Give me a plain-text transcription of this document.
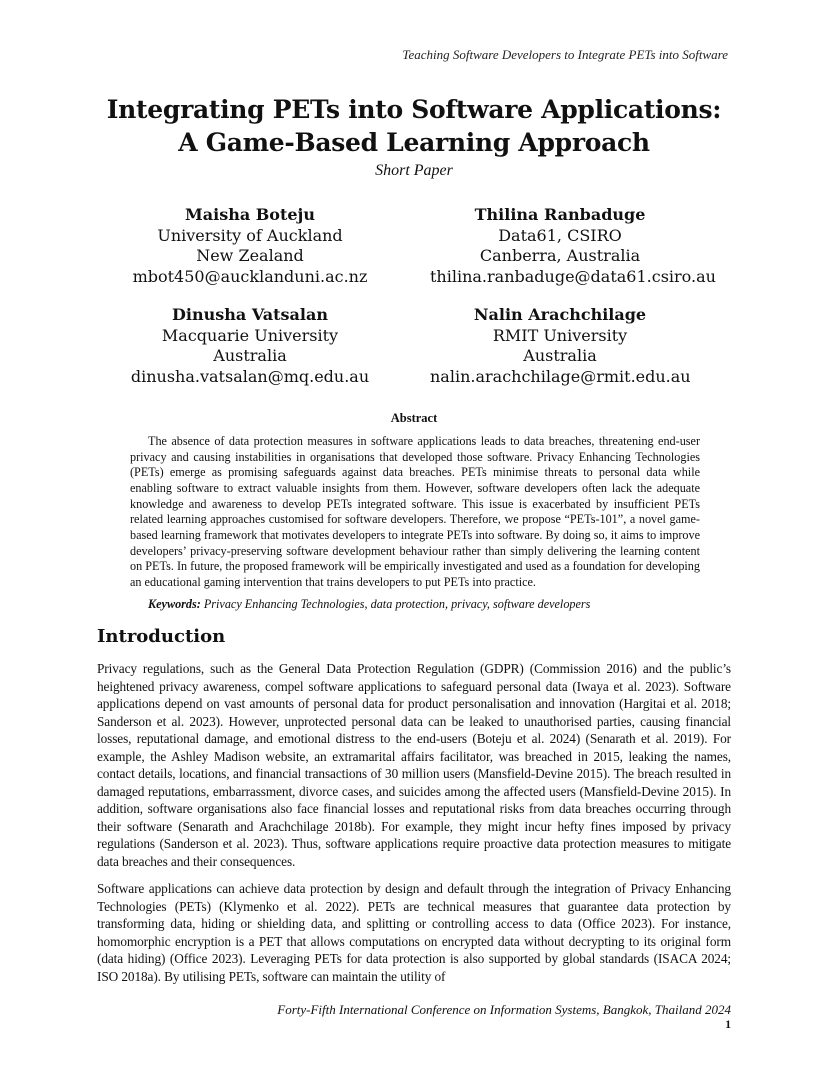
Teaching Software Developers to Integrate PETs into Software
Integrating PETs into Software Applications:
A Game-Based Learning Approach
Short Paper
Maisha Boteju
University of Auckland
New Zealand
mbot450@aucklanduni.ac.nz
Thilina Ranbaduge
Data61, CSIRO
Canberra, Australia
thilina.ranbaduge@data61.csiro.au
Dinusha Vatsalan
Macquarie University
Australia
dinusha.vatsalan@mq.edu.au
Nalin Arachchilage
RMIT University
Australia
nalin.arachchilage@rmit.edu.au
Abstract

The absence of data protection measures in software applications leads to data breaches, threatening end-user privacy and causing instabilities in organisations that developed those software. Privacy Enhancing Technologies (PETs) emerge as promising safeguards against data breaches. PETs minimise threats to personal data while enabling software to extract valuable insights from them. However, software developers often lack the adequate knowledge and awareness to develop PETs integrated software. This issue is exacerbated by insufficient PETs related learning approaches customised for software developers. Therefore, we propose “PETs-101”, a novel game-based learning framework that motivates developers to integrate PETs into software. By doing so, it aims to improve developers’ privacy-preserving software development behaviour rather than simply delivering the learning content on PETs. In future, the proposed framework will be empirically investigated and used as a foundation for developing an educational gaming intervention that trains developers to put PETs into practice.

Keywords: Privacy Enhancing Technologies, data protection, privacy, software developers
Introduction

Privacy regulations, such as the General Data Protection Regulation (GDPR) (Commission 2016) and the public’s heightened privacy awareness, compel software applications to safeguard personal data (Iwaya et al. 2023). Software applications depend on vast amounts of personal data for product personalisation and innovation (Hargitai et al. 2018; Sanderson et al. 2023). However, unprotected personal data can be leaked to unauthorised parties, causing financial losses, reputational damage, and emotional distress to the end-users (Boteju et al. 2024) (Senarath et al. 2019). For example, the Ashley Madison website, an extramarital affairs facilitator, was breached in 2015, leaking the names, contact details, locations, and financial transactions of 30 million users (Mansfield-Devine 2015). The breach resulted in damaged reputations, embarrassment, divorce cases, and suicides among the affected users (Mansfield-Devine 2015). In addition, software organisations also face financial losses and reputational risks from data breaches occurring through their software (Senarath and Arachchilage 2018b). For example, they might incur hefty fines imposed by privacy regulations (Sanderson et al. 2023). Thus, software applications require proactive data protection measures to mitigate data breaches and their consequences.

Software applications can achieve data protection by design and default through the integration of Privacy Enhancing Technologies (PETs) (Klymenko et al. 2022). PETs are technical measures that guarantee data protection by transforming data, hiding or shielding data, and splitting or controlling access to data (Office 2023). For instance, homomorphic encryption is a PET that allows computations on encrypted data without decrypting to its original form (data hiding) (Office 2023). Leveraging PETs for data protection is also supported by global standards (ISACA 2024; ISO 2018a). By utilising PETs, software can maintain the utility of

Forty-Fifth International Conference on Information Systems, Bangkok, Thailand 2024
1
